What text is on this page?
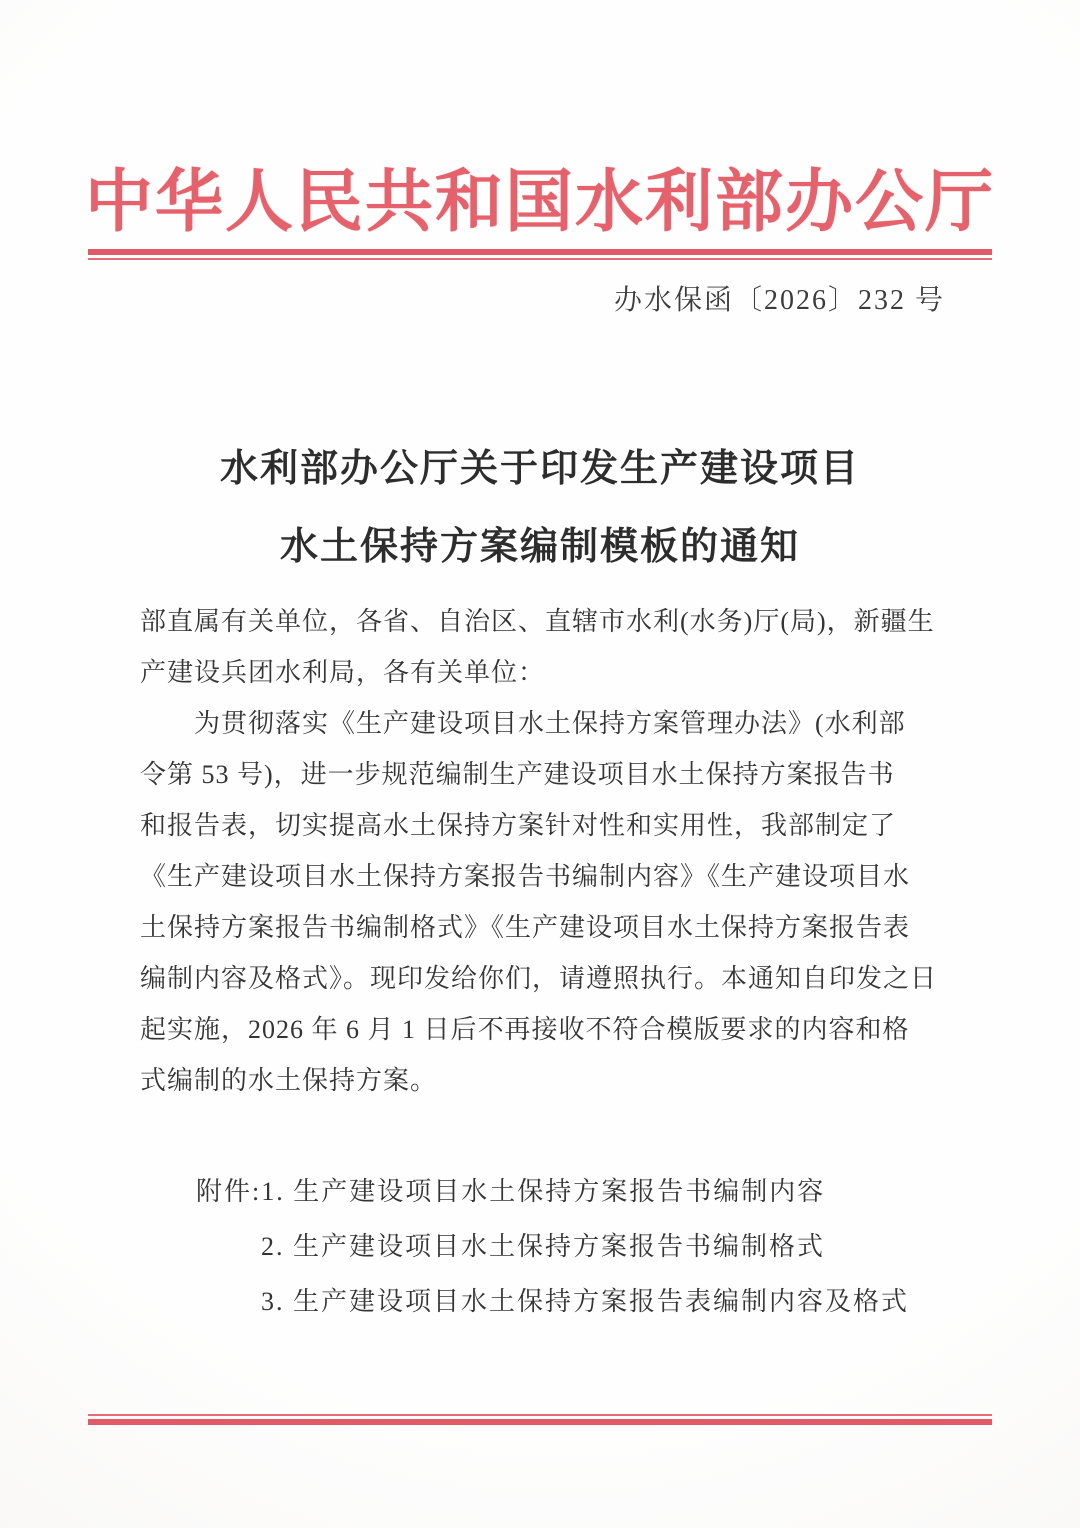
中华人民共和国水利部办公厅
办水保函〔2026〕232 号
水利部办公厅关于印发生产建设项目
水土保持方案编制模板的通知
部直属有关单位，各省、自治区、直辖市水利(水务)厅(局)，新疆生
产建设兵团水利局，各有关单位：
　　为贯彻落实《生产建设项目水土保持方案管理办法》(水利部
令第 53 号)，进一步规范编制生产建设项目水土保持方案报告书
和报告表，切实提高水土保持方案针对性和实用性，我部制定了
《生产建设项目水土保持方案报告书编制内容》《生产建设项目水
土保持方案报告书编制格式》《生产建设项目水土保持方案报告表
编制内容及格式》。现印发给你们，请遵照执行。本通知自印发之日
起实施，2026 年 6 月 1 日后不再接收不符合模版要求的内容和格
式编制的水土保持方案。
附件:1. 生产建设项目水土保持方案报告书编制内容
2. 生产建设项目水土保持方案报告书编制格式
3. 生产建设项目水土保持方案报告表编制内容及格式
